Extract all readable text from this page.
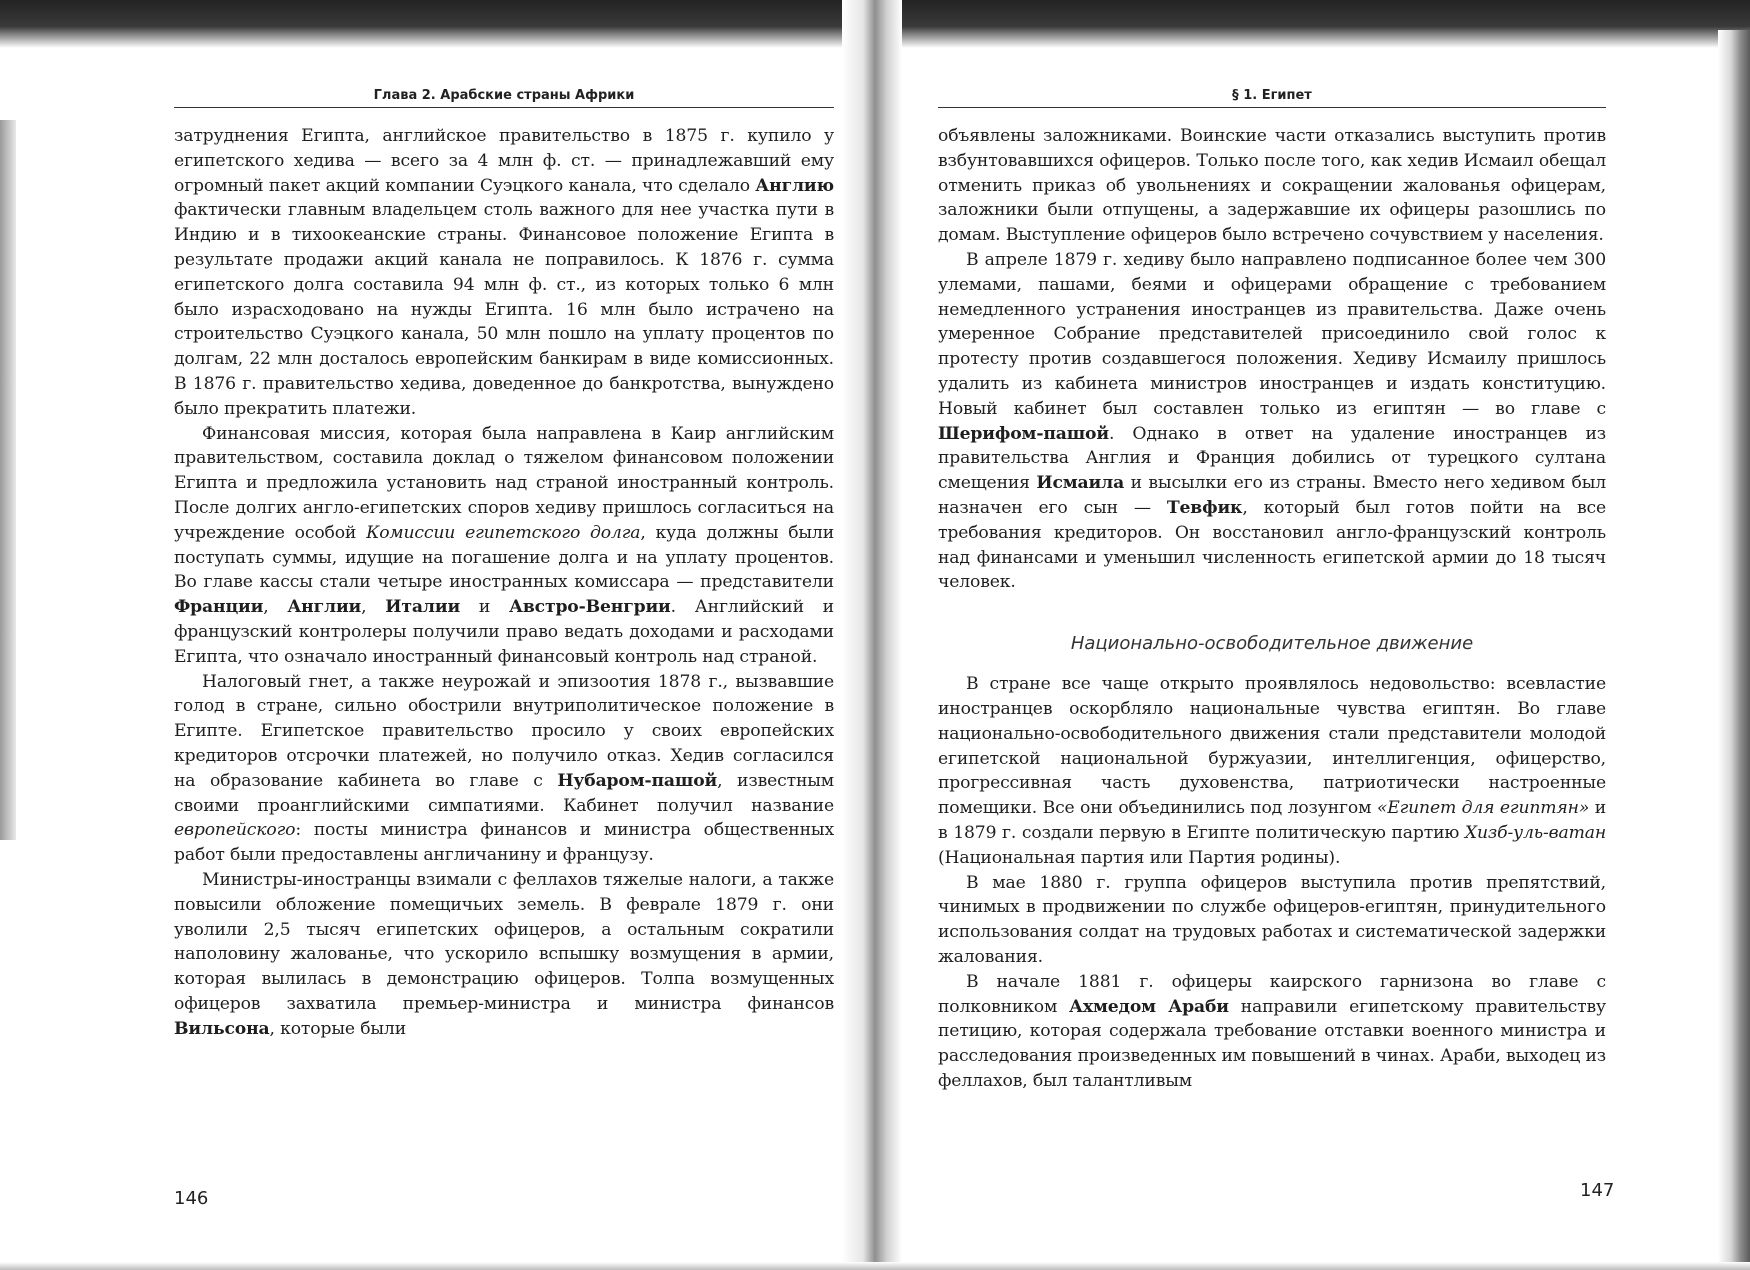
Глава 2. Арабские страны Африки

затруднения Египта, английское правительство в 1875 г. купило у египетского хедива — всего за 4 млн ф. ст. — принадлежавший ему огромный пакет акций компании Суэцкого канала, что сделало Англию фактически главным владельцем столь важного для нее участка пути в Индию и в тихоокеанские страны. Финансовое положение Египта в результате продажи акций канала не поправилось. К 1876 г. сумма египетского долга составила 94 млн ф. ст., из которых только 6 млн было израсходовано на нужды Египта. 16 млн было истрачено на строительство Суэцкого канала, 50 млн пошло на уплату процентов по долгам, 22 млн досталось европейским банкирам в виде комиссионных. В 1876 г. правительство хедива, доведенное до банкротства, вынуждено было прекратить платежи.

Финансовая миссия, которая была направлена в Каир английским правительством, составила доклад о тяжелом финансовом положении Египта и предложила установить над страной иностранный контроль. После долгих англо-египетских споров хедиву пришлось согласиться на учреждение особой Комиссии египетского долга, куда должны были поступать суммы, идущие на погашение долга и на уплату процентов. Во главе кассы стали четыре иностранных комиссара — представители Франции, Англии, Италии и Австро-Венгрии. Английский и французский контролеры получили право ведать доходами и расходами Египта, что означало иностранный финансовый контроль над страной.

Налоговый гнет, а также неурожай и эпизоотия 1878 г., вызвавшие голод в стране, сильно обострили внутриполитическое положение в Египте. Египетское правительство просило у своих европейских кредиторов отсрочки платежей, но получило отказ. Хедив согласился на образование кабинета во главе с Нубаром-пашой, известным своими проанглийскими симпатиями. Кабинет получил название европейского: посты министра финансов и министра общественных работ были предоставлены англичанину и французу.

Министры-иностранцы взимали с феллахов тяжелые налоги, а также повысили обложение помещичьих земель. В феврале 1879 г. они уволили 2,5 тысяч египетских офицеров, а остальным сократили наполовину жалованье, что ускорило вспышку возмущения в армии, которая вылилась в демонстрацию офицеров. Толпа возмущенных офицеров захватила премьер-министра и министра финансов Вильсона, которые были

146
§ 1. Египет

объявлены заложниками. Воинские части отказались выступить против взбунтовавшихся офицеров. Только после того, как хедив Исмаил обещал отменить приказ об увольнениях и сокращении жалованья офицерам, заложники были отпущены, а задержавшие их офицеры разошлись по домам. Выступление офицеров было встречено сочувствием у населения.

В апреле 1879 г. хедиву было направлено подписанное более чем 300 улемами, пашами, беями и офицерами обращение с требованием немедленного устранения иностранцев из правительства. Даже очень умеренное Собрание представителей присоединило свой голос к протесту против создавшегося положения. Хедиву Исмаилу пришлось удалить из кабинета министров иностранцев и издать конституцию. Новый кабинет был составлен только из египтян — во главе с Шерифом-пашой. Однако в ответ на удаление иностранцев из правительства Англия и Франция добились от турецкого султана смещения Исмаила и высылки его из страны. Вместо него хедивом был назначен его сын — Тевфик, который был готов пойти на все требования кредиторов. Он восстановил англо-французский контроль над финансами и уменьшил численность египетской армии до 18 тысяч человек.

Национально-освободительное движение

В стране все чаще открыто проявлялось недовольство: всевластие иностранцев оскорбляло национальные чувства египтян. Во главе национально-освободительного движения стали представители молодой египетской национальной буржуазии, интеллигенция, офицерство, прогрессивная часть духовенства, патриотически настроенные помещики. Все они объединились под лозунгом «Египет для египтян» и в 1879 г. создали первую в Египте политическую партию Хизб-уль-ватан (Национальная партия или Партия родины).

В мае 1880 г. группа офицеров выступила против препятствий, чинимых в продвижении по службе офицеров-египтян, принудительного использования солдат на трудовых работах и систематической задержки жалования.

В начале 1881 г. офицеры каирского гарнизона во главе с полковником Ахмедом Араби направили египетскому правительству петицию, которая содержала требование отставки военного министра и расследования произведенных им повышений в чинах. Араби, выходец из феллахов, был талантливым

147
